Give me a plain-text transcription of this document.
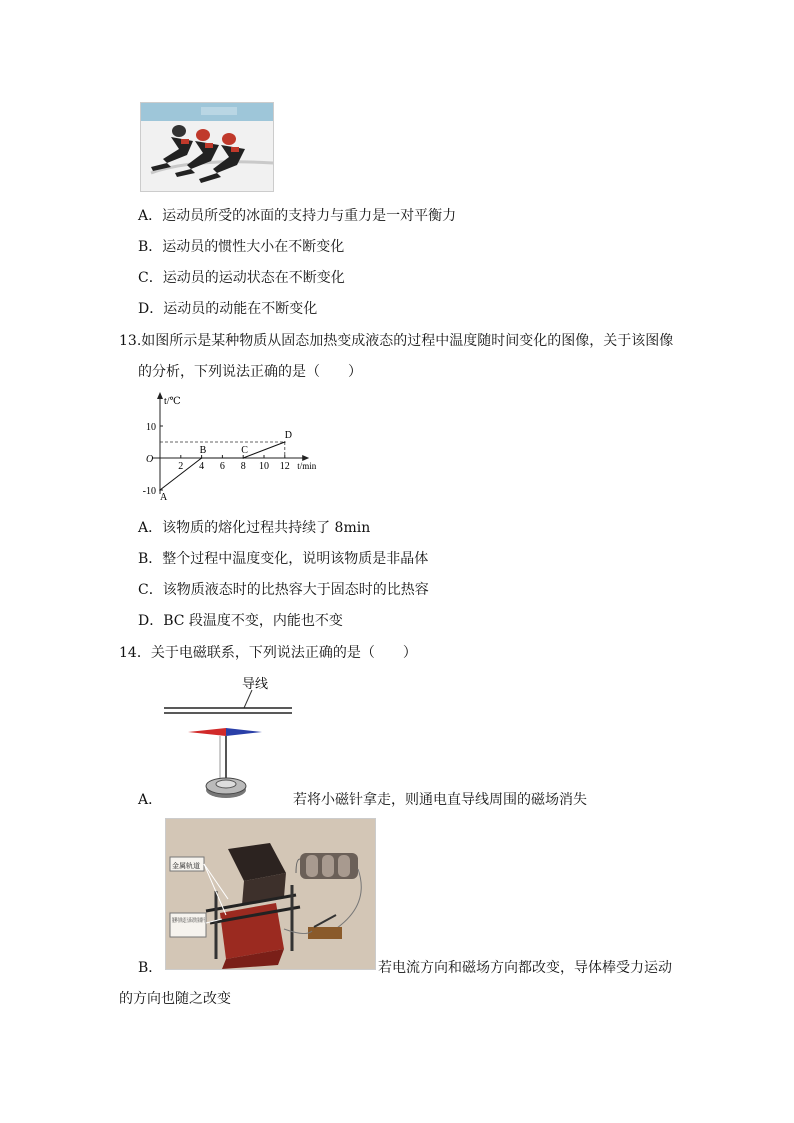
A．运动员所受的冰面的支持力与重力是一对平衡力
B．运动员的惯性大小在不断变化
C．运动员的运动状态在不断变化
D．运动员的动能在不断变化
13.如图所示是某种物质从固态加热变成液态的过程中温度随时间变化的图像，关于该图像
的分析，下列说法正确的是（　　）
t/℃
t/min
O
2 4 6 8 10 12
10
-10
A
B	C
D
A．该物质的熔化过程共持续了 8min
B．整个过程中温度变化，说明该物质是非晶体
C．该物质液态时的比热容大于固态时的比热容
D．BC 段温度不变，内能也不变
14．关于电磁联系，下列说法正确的是（　　）
导线
A．	若将小磁针拿走，则通电直导线周围的磁场消失
金属轨道
B．	若电流方向和磁场方向都改变，导体棒受力运动
的方向也随之改变
